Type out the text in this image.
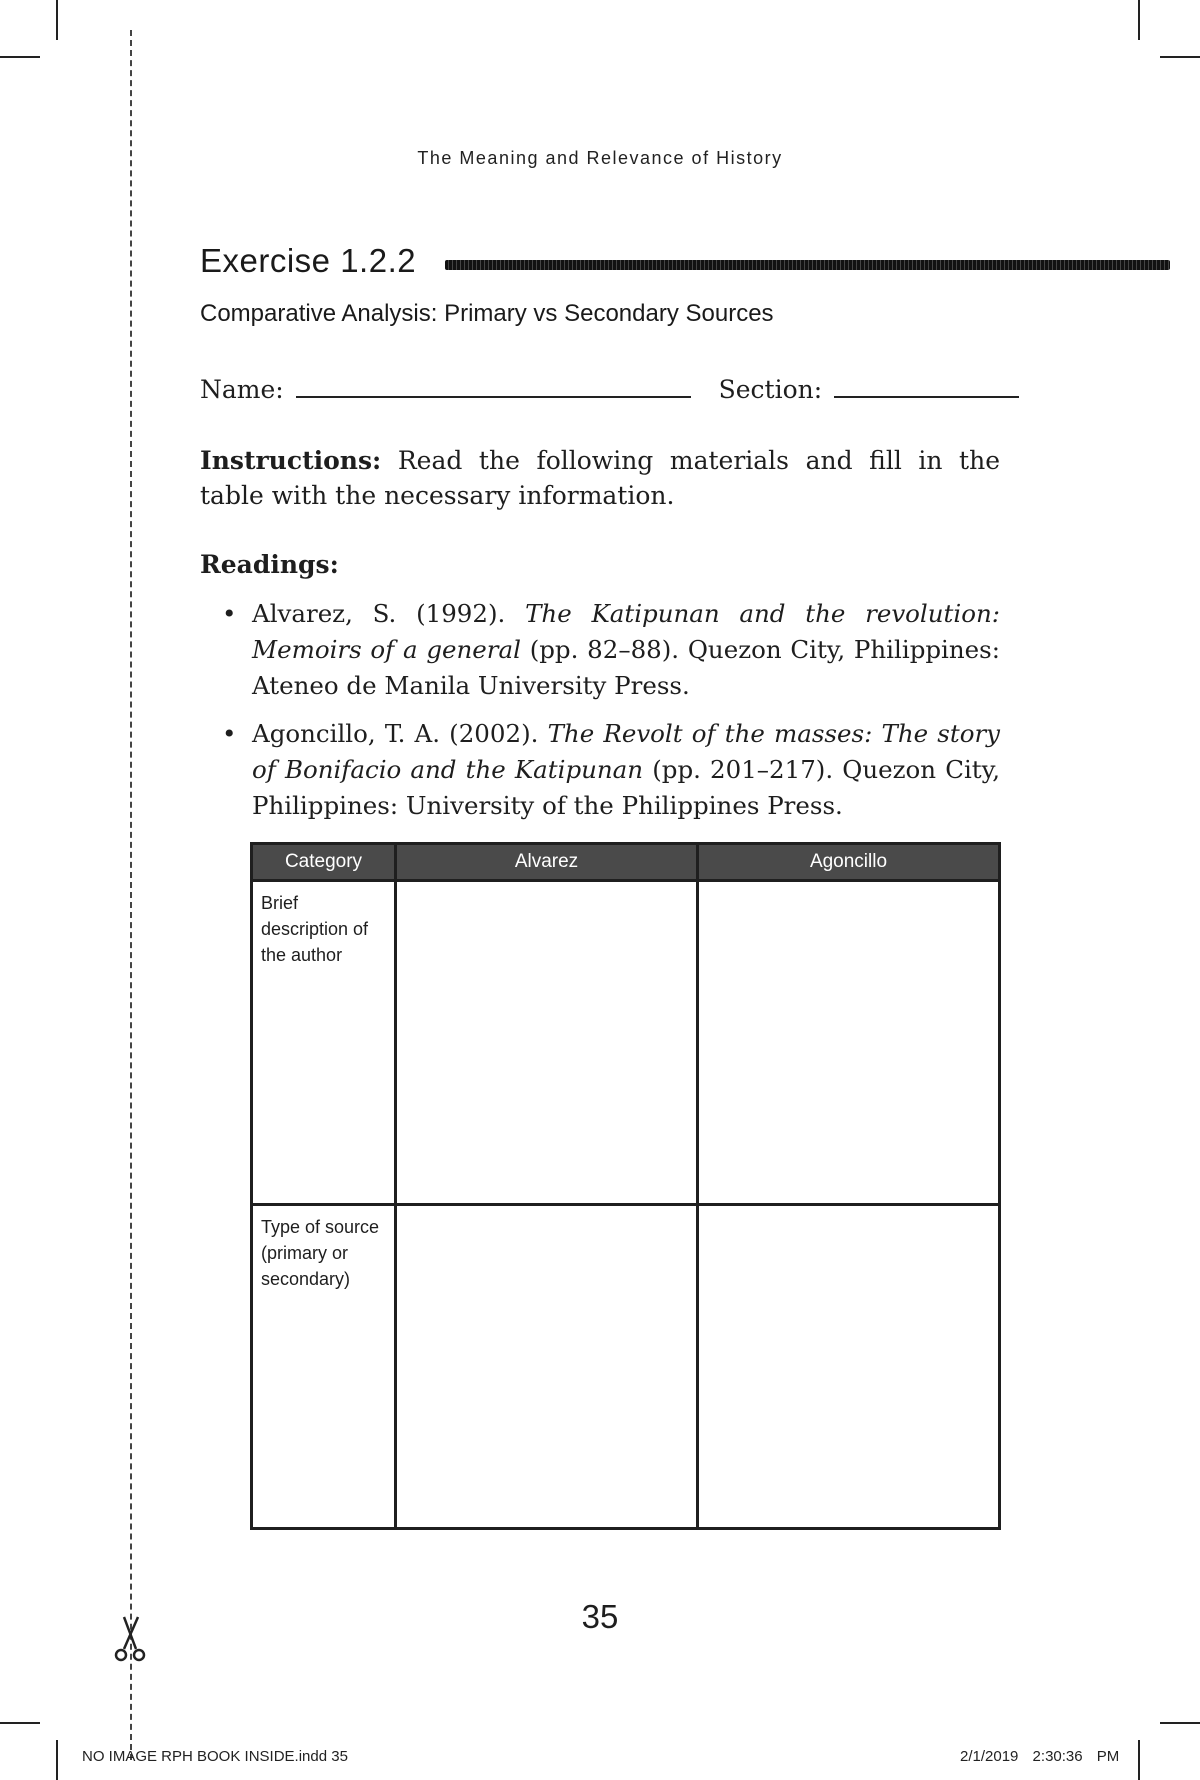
The Meaning and Relevance of History
Exercise 1.2.2
Comparative Analysis: Primary vs Secondary Sources
Name:	Section:
Instructions: Read the following materials and fill in the table with the necessary information.
Readings:
• Alvarez, S. (1992). The Katipunan and the revolution: Memoirs of a general (pp. 82–88). Quezon City, Philippines: Ateneo de Manila University Press.
• Agoncillo, T. A. (2002). The Revolt of the masses: The story of Bonifacio and the Katipunan (pp. 201–217). Quezon City, Philippines: University of the Philippines Press.
Category	Alvarez	Agoncillo
Brief description of the author		
Type of source (primary or secondary)		
35
NO IMAGE RPH BOOK INSIDE.indd 35	2/1/2019 2:30:36 PM
